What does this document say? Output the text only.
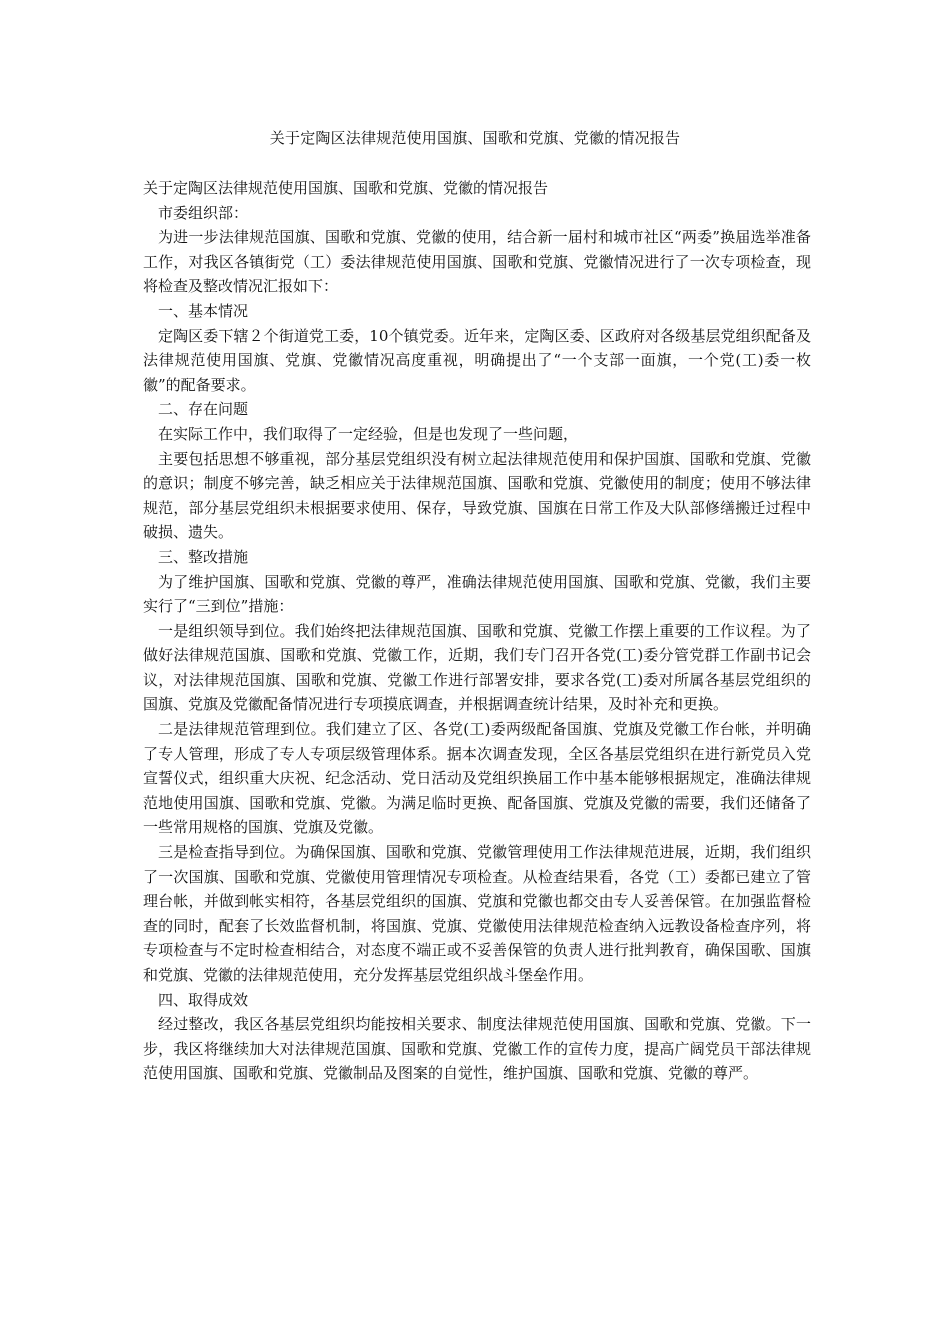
关于定陶区法律规范使用国旗、国歌和党旗、党徽的情况报告

关于定陶区法律规范使用国旗、国歌和党旗、党徽的情况报告

市委组织部：

为进一步法律规范国旗、国歌和党旗、党徽的使用，结合新一届村和城市社区“两委”换届选举准备工作，对我区各镇街党（工）委法律规范使用国旗、国歌和党旗、党徽情况进行了一次专项检查，现将检查及整改情况汇报如下：

一、基本情况

定陶区委下辖２个街道党工委，10个镇党委。近年来，定陶区委、区政府对各级基层党组织配备及法律规范使用国旗、党旗、党徽情况高度重视，明确提出了“一个支部一面旗，一个党(工)委一枚徽”的配备要求。

二、存在问题

在实际工作中，我们取得了一定经验，但是也发现了一些问题，

主要包括思想不够重视，部分基层党组织没有树立起法律规范使用和保护国旗、国歌和党旗、党徽的意识；制度不够完善，缺乏相应关于法律规范国旗、国歌和党旗、党徽使用的制度；使用不够法律规范，部分基层党组织未根据要求使用、保存，导致党旗、国旗在日常工作及大队部修缮搬迁过程中破损、遗失。

三、整改措施

为了维护国旗、国歌和党旗、党徽的尊严，准确法律规范使用国旗、国歌和党旗、党徽，我们主要实行了“三到位”措施：

一是组织领导到位。我们始终把法律规范国旗、国歌和党旗、党徽工作摆上重要的工作议程。为了做好法律规范国旗、国歌和党旗、党徽工作，近期，我们专门召开各党(工)委分管党群工作副书记会议，对法律规范国旗、国歌和党旗、党徽工作进行部署安排，要求各党(工)委对所属各基层党组织的国旗、党旗及党徽配备情况进行专项摸底调查，并根据调查统计结果，及时补充和更换。

二是法律规范管理到位。我们建立了区、各党(工)委两级配备国旗、党旗及党徽工作台帐，并明确了专人管理，形成了专人专项层级管理体系。据本次调查发现，全区各基层党组织在进行新党员入党宣誓仪式，组织重大庆祝、纪念活动、党日活动及党组织换届工作中基本能够根据规定，准确法律规范地使用国旗、国歌和党旗、党徽。为满足临时更换、配备国旗、党旗及党徽的需要，我们还储备了一些常用规格的国旗、党旗及党徽。

三是检查指导到位。为确保国旗、国歌和党旗、党徽管理使用工作法律规范进展，近期，我们组织了一次国旗、国歌和党旗、党徽使用管理情况专项检查。从检查结果看，各党（工）委都已建立了管理台帐，并做到帐实相符，各基层党组织的国旗、党旗和党徽也都交由专人妥善保管。在加强监督检查的同时，配套了长效监督机制，将国旗、党旗、党徽使用法律规范检查纳入远教设备检查序列，将专项检查与不定时检查相结合，对态度不端正或不妥善保管的负责人进行批判教育，确保国歌、国旗和党旗、党徽的法律规范使用，充分发挥基层党组织战斗堡垒作用。

四、取得成效

经过整改，我区各基层党组织均能按相关要求、制度法律规范使用国旗、国歌和党旗、党徽。下一步，我区将继续加大对法律规范国旗、国歌和党旗、党徽工作的宣传力度，提高广阔党员干部法律规范使用国旗、国歌和党旗、党徽制品及图案的自觉性，维护国旗、国歌和党旗、党徽的尊严。
